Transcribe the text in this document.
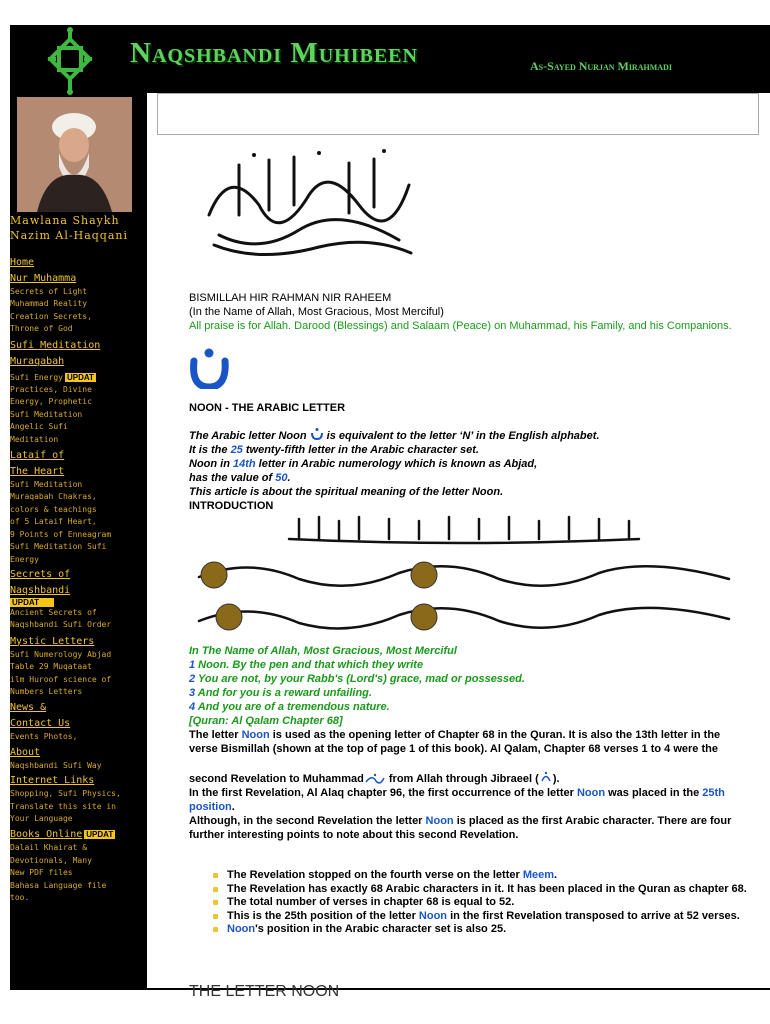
Naqshbandi Muhibeen	As-Sayed Nurjan Mirahmadi
Mawlana Shaykh
Nazim Al-Haqqani
Home
Nur Muhamma
Secrets of Light
Muhammad Reality
Creation Secrets,
Throne of God
Sufi Meditation
Muraqabah
Sufi Energy UPDAT
Practices, Divine
Energy, Prophetic
Sufi Meditation
Angelic Sufi
Meditation
Lataif of
The Heart
Sufi Meditation
Muraqabah Chakras,
colors & teachings
of 5 Lataif Heart,
9 Points of Enneagram
Sufi Meditation Sufi
Energy
Secrets of
Naqshbandi
UPDAT
Ancient Secrets of
Naqshbandi Sufi Order
Mystic Letters
Sufi Numerology Abjad
Table 29 Muqataat
ilm Huroof science of
Numbers Letters
News &
Contact Us
Events Photos,
About
Naqshbandi Sufi Way
Internet Links
Shopping, Sufi Physics,
Translate this site in
Your Language
Books Online UPDAT
Dalail Khairat &
Devotionals, Many
New PDF files
Bahasa Language file
too.
BISMILLAH HIR RAHMAN NIR RAHEEM
(In the Name of Allah, Most Gracious, Most Merciful)
All praise is for Allah. Darood (Blessings) and Salaam (Peace) on Muhammad, his Family, and his Companions.
NOON - THE ARABIC LETTER
The Arabic letter Noon  is equivalent to the letter ‘N’ in the English alphabet.
It is the 25 twenty-fifth letter in the Arabic character set.
Noon in 14th letter in Arabic numerology which is known as Abjad,
has the value of 50.
This article is about the spiritual meaning of the letter Noon.
INTRODUCTION
In The Name of Allah, Most Gracious, Most Merciful
1 Noon. By the pen and that which they write
2 You are not, by your Rabb's (Lord's) grace, mad or possessed.
3 And for you is a reward unfailing.
4 And you are of a tremendous nature.
[Quran: Al Qalam Chapter 68]
The letter Noon is used as the opening letter of Chapter 68 in the Quran. It is also the 13th letter in the verse Bismillah (shown at the top of page 1 of this book). Al Qalam, Chapter 68 verses 1 to 4 were the
second Revelation to Muhammad from Allah through Jibraeel ( ).
In the first Revelation, Al Alaq chapter 96, the first occurrence of the letter Noon was placed in the 25th position.
Although, in the second Revelation the letter Noon is placed as the first Arabic character. There are four further interesting points to note about this second Revelation.
The Revelation stopped on the fourth verse on the letter Meem.
The Revelation has exactly 68 Arabic characters in it. It has been placed in the Quran as chapter 68.
The total number of verses in chapter 68 is equal to 52.
This is the 25th position of the letter Noon in the first Revelation transposed to arrive at 52 verses.
Noon's position in the Arabic character set is also 25.
THE LETTER NOON
